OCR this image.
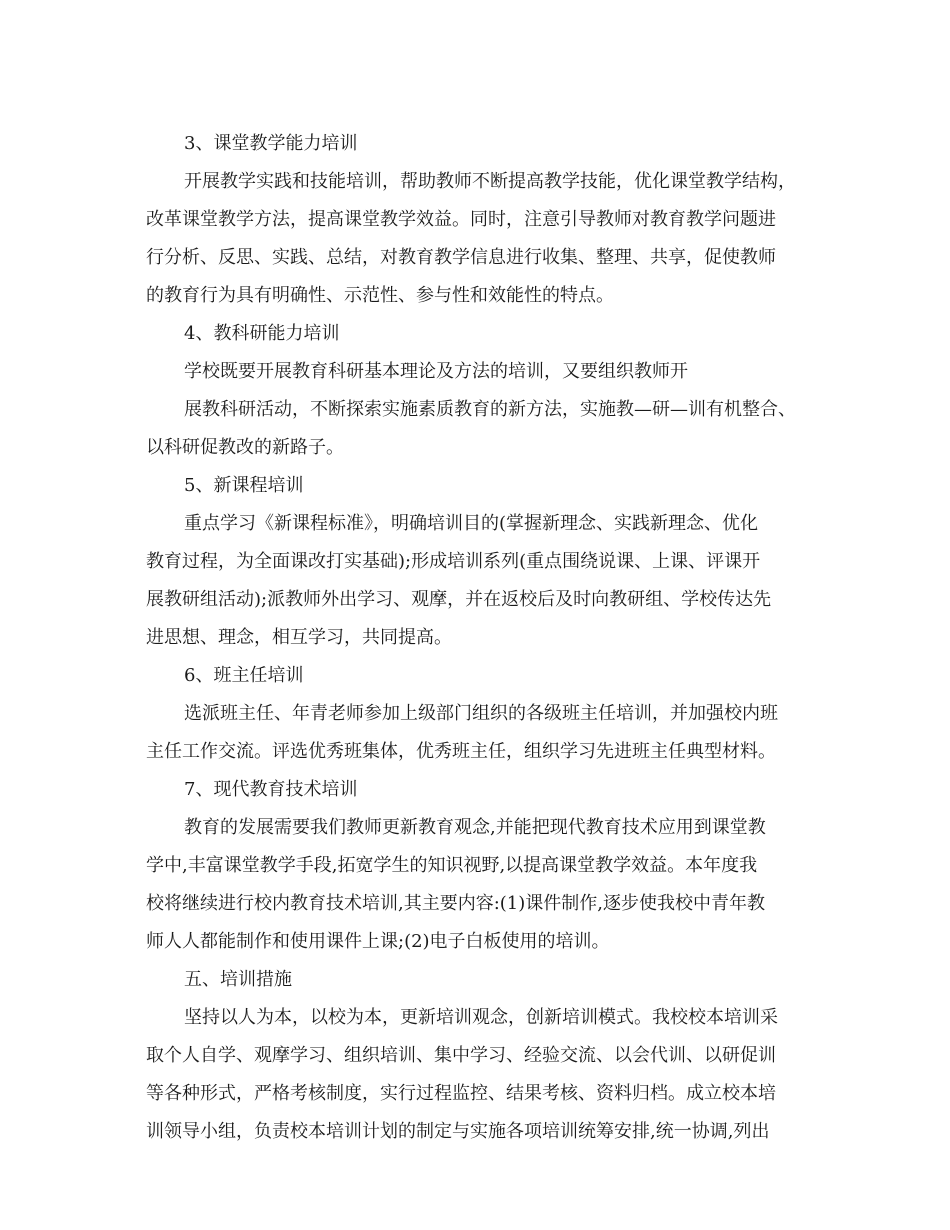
3、课堂教学能力培训
开展教学实践和技能培训，帮助教师不断提高教学技能，优化课堂教学结构，
改革课堂教学方法，提高课堂教学效益。同时，注意引导教师对教育教学问题进
行分析、反思、实践、总结，对教育教学信息进行收集、整理、共享，促使教师
的教育行为具有明确性、示范性、参与性和效能性的特点。
4、教科研能力培训
学校既要开展教育科研基本理论及方法的培训，又要组织教师开
展教科研活动，不断探索实施素质教育的新方法，实施教—研—训有机整合、
以科研促教改的新路子。
5、新课程培训
重点学习《新课程标准》，明确培训目的(掌握新理念、实践新理念、优化
教育过程，为全面课改打实基础);形成培训系列(重点围绕说课、上课、评课开
展教研组活动);派教师外出学习、观摩，并在返校后及时向教研组、学校传达先
进思想、理念，相互学习，共同提高。
6、班主任培训
选派班主任、年青老师参加上级部门组织的各级班主任培训，并加强校内班
主任工作交流。评选优秀班集体，优秀班主任，组织学习先进班主任典型材料。
7、现代教育技术培训
教育的发展需要我们教师更新教育观念,并能把现代教育技术应用到课堂教
学中,丰富课堂教学手段,拓宽学生的知识视野,以提高课堂教学效益。本年度我
校将继续进行校内教育技术培训,其主要内容:(1)课件制作,逐步使我校中青年教
师人人都能制作和使用课件上课;(2)电子白板使用的培训。
五、培训措施
坚持以人为本，以校为本，更新培训观念，创新培训模式。我校校本培训采
取个人自学、观摩学习、组织培训、集中学习、经验交流、以会代训、以研促训
等各种形式，严格考核制度，实行过程监控、结果考核、资料归档。成立校本培
训领导小组，负责校本培训计划的制定与实施各项培训统筹安排,统一协调,列出
